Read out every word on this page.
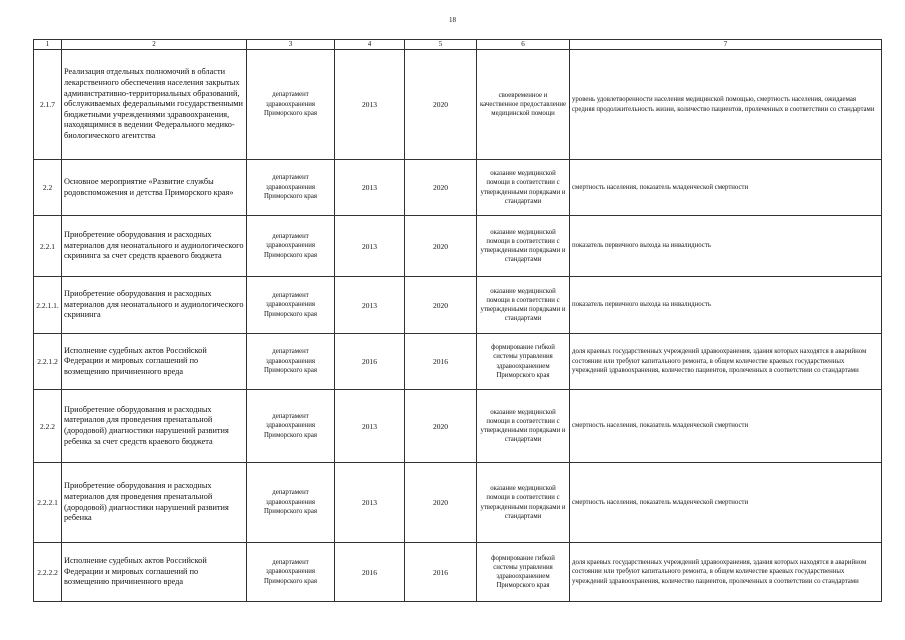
18
1	2	3	4	5	6	7
2.1.7	Реализация отдельных полномочий в области лекарственного обеспечения населения закрытых административно-территориальных образований, обслуживаемых федеральными государственными бюджетными учреждениями здравоохранения, находящимися в ведении Федерального медико-биологического агентства	департамент здравоохранения Приморского края	2013	2020	своевременное и качественное предоставление медицинской помощи	уровень удовлетворенности населения медицинской помощью, смертность населения, ожидаемая средняя продолжительность жизни, количество пациентов, пролеченных в соответствии со стандартами
2.2	Основное мероприятие «Развитие службы родовспоможения и детства Приморского края»	департамент здравоохранения Приморского края	2013	2020	оказание медицинской помощи в соответствии с утвержденными порядками и стандартами	смертность населения, показатель младенческой смертности
2.2.1	Приобретение оборудования и расходных материалов для неонатального и аудиологического скрининга за счет средств краевого бюджета	департамент здравоохранения Приморского края	2013	2020	оказание медицинской помощи в соответствии с утвержденными порядками и стандартами	показатель первичного выхода на инвалидность
2.2.1.1.	Приобретение оборудования и расходных материалов для неонатального и аудиологического скрининга	департамент здравоохранения Приморского края	2013	2020	оказание медицинской помощи в соответствии с утвержденными порядками и стандартами	показатель первичного выхода на инвалидность
2.2.1.2	Исполнение судебных актов Российской Федерации и мировых соглашений по возмещению причиненного вреда	департамент здравоохранения Приморского края	2016	2016	формирование гибкой системы управления здравоохранением Приморского края	доля краевых государственных учреждений здравоохранения, здания которых находятся в аварийном состоянии или требуют капитального ремонта, в общем количестве краевых государственных учреждений здравоохранения, количество пациентов, пролеченных в соответствии со стандартами
2.2.2	Приобретение оборудования и расходных материалов для проведения пренатальной (дородовой) диагностики нарушений развития ребенка за счет средств краевого бюджета	департамент здравоохранения Приморского края	2013	2020	оказание медицинской помощи в соответствии с утвержденными порядками и стандартами	смертность населения, показатель младенческой смертности
2.2.2.1	Приобретение оборудования и расходных материалов для проведения пренатальной (дородовой) диагностики нарушений развития ребенка	департамент здравоохранения Приморского края	2013	2020	оказание медицинской помощи в соответствии с утвержденными порядками и стандартами	смертность населения, показатель младенческой смертности
2.2.2.2	Исполнение судебных актов Российской Федерации и мировых соглашений по возмещению причиненного вреда	департамент здравоохранения Приморского края	2016	2016	формирование гибкой системы управления здравоохранением Приморского края	доля краевых государственных учреждений здравоохранения, здания которых находятся в аварийном состоянии или требуют капитального ремонта, в общем количестве краевых государственных учреждений здравоохранения, количество пациентов, пролеченных в соответствии со стандартами
